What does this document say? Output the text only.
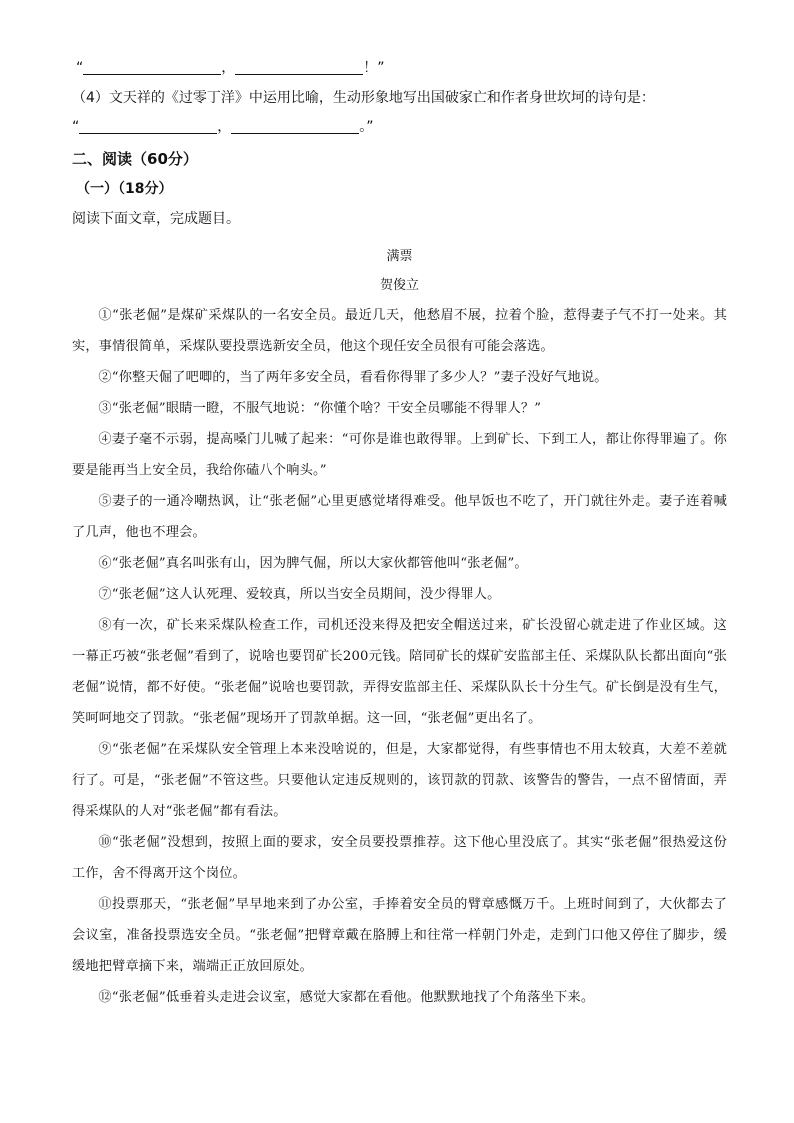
“	，	！”

（4）文天祥的《过零丁洋》中运用比喻，生动形象地写出国破家亡和作者身世坎坷的诗句是：

“	，	。”

二、阅读（60分）

（一）（18分）

阅读下面文章，完成题目。

满票

贺俊立

①“张老倔”是煤矿采煤队的一名安全员。最近几天，他愁眉不展，拉着个脸，惹得妻子气不打一处来。其实，事情很简单，采煤队要投票选新安全员，他这个现任安全员很有可能会落选。

②“你整天倔了吧唧的，当了两年多安全员，看看你得罪了多少人？”妻子没好气地说。

③“张老倔”眼睛一瞪，不服气地说：“你懂个啥？干安全员哪能不得罪人？”

④妻子毫不示弱，提高嗓门儿喊了起来：“可你是谁也敢得罪。上到矿长、下到工人，都让你得罪遍了。你要是能再当上安全员，我给你磕八个响头。”

⑤妻子的一通冷嘲热讽，让“张老倔”心里更感觉堵得难受。他早饭也不吃了，开门就往外走。妻子连着喊了几声，他也不理会。

⑥“张老倔”真名叫张有山，因为脾气倔，所以大家伙都管他叫“张老倔”。

⑦“张老倔”这人认死理、爱较真，所以当安全员期间，没少得罪人。

⑧有一次，矿长来采煤队检查工作，司机还没来得及把安全帽送过来，矿长没留心就走进了作业区域。这一幕正巧被“张老倔”看到了，说啥也要罚矿长200元钱。陪同矿长的煤矿安监部主任、采煤队队长都出面向“张老倔”说情，都不好使。“张老倔”说啥也要罚款，弄得安监部主任、采煤队队长十分生气。矿长倒是没有生气，笑呵呵地交了罚款。“张老倔”现场开了罚款单据。这一回，“张老倔”更出名了。

⑨“张老倔”在采煤队安全管理上本来没啥说的，但是，大家都觉得，有些事情也不用太较真，大差不差就行了。可是，“张老倔”不管这些。只要他认定违反规则的，该罚款的罚款、该警告的警告，一点不留情面，弄得采煤队的人对“张老倔”都有看法。

⑩“张老倔”没想到，按照上面的要求，安全员要投票推荐。这下他心里没底了。其实“张老倔”很热爱这份工作，舍不得离开这个岗位。

⑪投票那天，“张老倔”早早地来到了办公室，手捧着安全员的臂章感慨万千。上班时间到了，大伙都去了会议室，准备投票选安全员。“张老倔”把臂章戴在胳膊上和往常一样朝门外走，走到门口他又停住了脚步，缓缓地把臂章摘下来，端端正正放回原处。

⑫“张老倔”低垂着头走进会议室，感觉大家都在看他。他默默地找了个角落坐下来。
